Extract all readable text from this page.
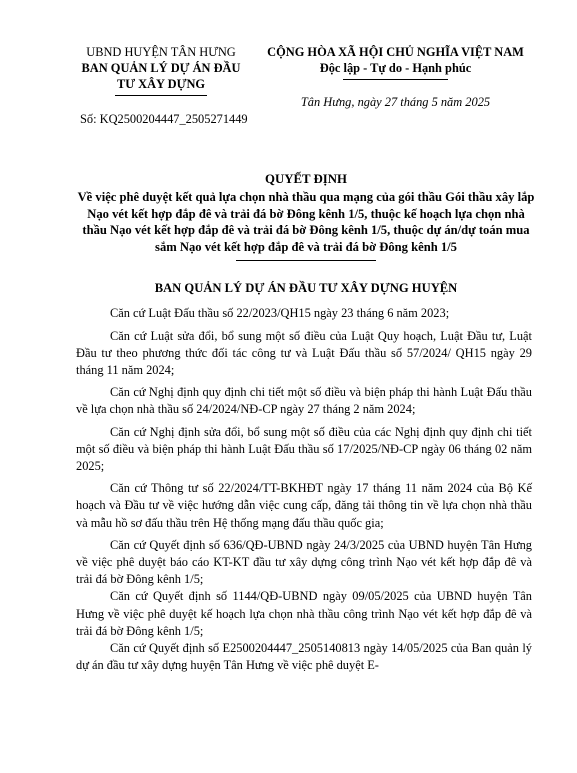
UBND HUYỆN TÂN HƯNG
BAN QUẢN LÝ DỰ ÁN ĐẦU
TƯ XÂY DỰNG
Số: KQ2500204447_2505271449
CỘNG HÒA XÃ HỘI CHỦ NGHĨA VIỆT NAM
Độc lập - Tự do - Hạnh phúc
Tân Hưng, ngày 27 tháng 5 năm 2025
QUYẾT ĐỊNH
Về việc phê duyệt kết quả lựa chọn nhà thầu qua mạng của gói thầu Gói thầu xây lắp Nạo vét kết hợp đắp đê và trải đá bờ Đông kênh 1/5, thuộc kế hoạch lựa chọn nhà thầu Nạo vét kết hợp đắp đê và trải đá bờ Đông kênh 1/5, thuộc dự án/dự toán mua sắm Nạo vét kết hợp đắp đê và trải đá bờ Đông kênh 1/5
BAN QUẢN LÝ DỰ ÁN ĐẦU TƯ XÂY DỰNG HUYỆN
Căn cứ Luật Đấu thầu số 22/2023/QH15 ngày 23 tháng 6 năm 2023;
Căn cứ Luật sửa đổi, bổ sung một số điều của Luật Quy hoạch, Luật Đầu tư, Luật Đầu tư theo phương thức đối tác công tư và Luật Đấu thầu số 57/2024/ QH15 ngày 29 tháng 11 năm 2024;
Căn cứ Nghị định quy định chi tiết một số điều và biện pháp thi hành Luật Đấu thầu về lựa chọn nhà thầu số 24/2024/NĐ-CP ngày 27 tháng 2 năm 2024;
Căn cứ Nghị định sửa đổi, bổ sung một số điều của các Nghị định quy định chi tiết một số điều và biện pháp thi hành Luật Đấu thầu số 17/2025/NĐ-CP ngày 06 tháng 02 năm 2025;
Căn cứ Thông tư số 22/2024/TT-BKHĐT ngày 17 tháng 11 năm 2024 của Bộ Kế hoạch và Đầu tư về việc hướng dẫn việc cung cấp, đăng tải thông tin về lựa chọn nhà thầu và mẫu hồ sơ đấu thầu trên Hệ thống mạng đấu thầu quốc gia;
Căn cứ Quyết định số 636/QĐ-UBND ngày 24/3/2025 của UBND huyện Tân Hưng về việc phê duyệt báo cáo KT-KT đầu tư xây dựng công trình Nạo vét kết hợp đắp đê và trải đá bờ Đông kênh 1/5;
Căn cứ Quyết định số 1144/QĐ-UBND ngày 09/05/2025 của UBND huyện Tân Hưng về việc phê duyệt kế hoạch lựa chọn nhà thầu công trình Nạo vét kết hợp đắp đê và trải đá bờ Đông kênh 1/5;
Căn cứ Quyết định số E2500204447_2505140813 ngày 14/05/2025 của Ban quản lý dự án đầu tư xây dựng huyện Tân Hưng về việc phê duyệt E-
